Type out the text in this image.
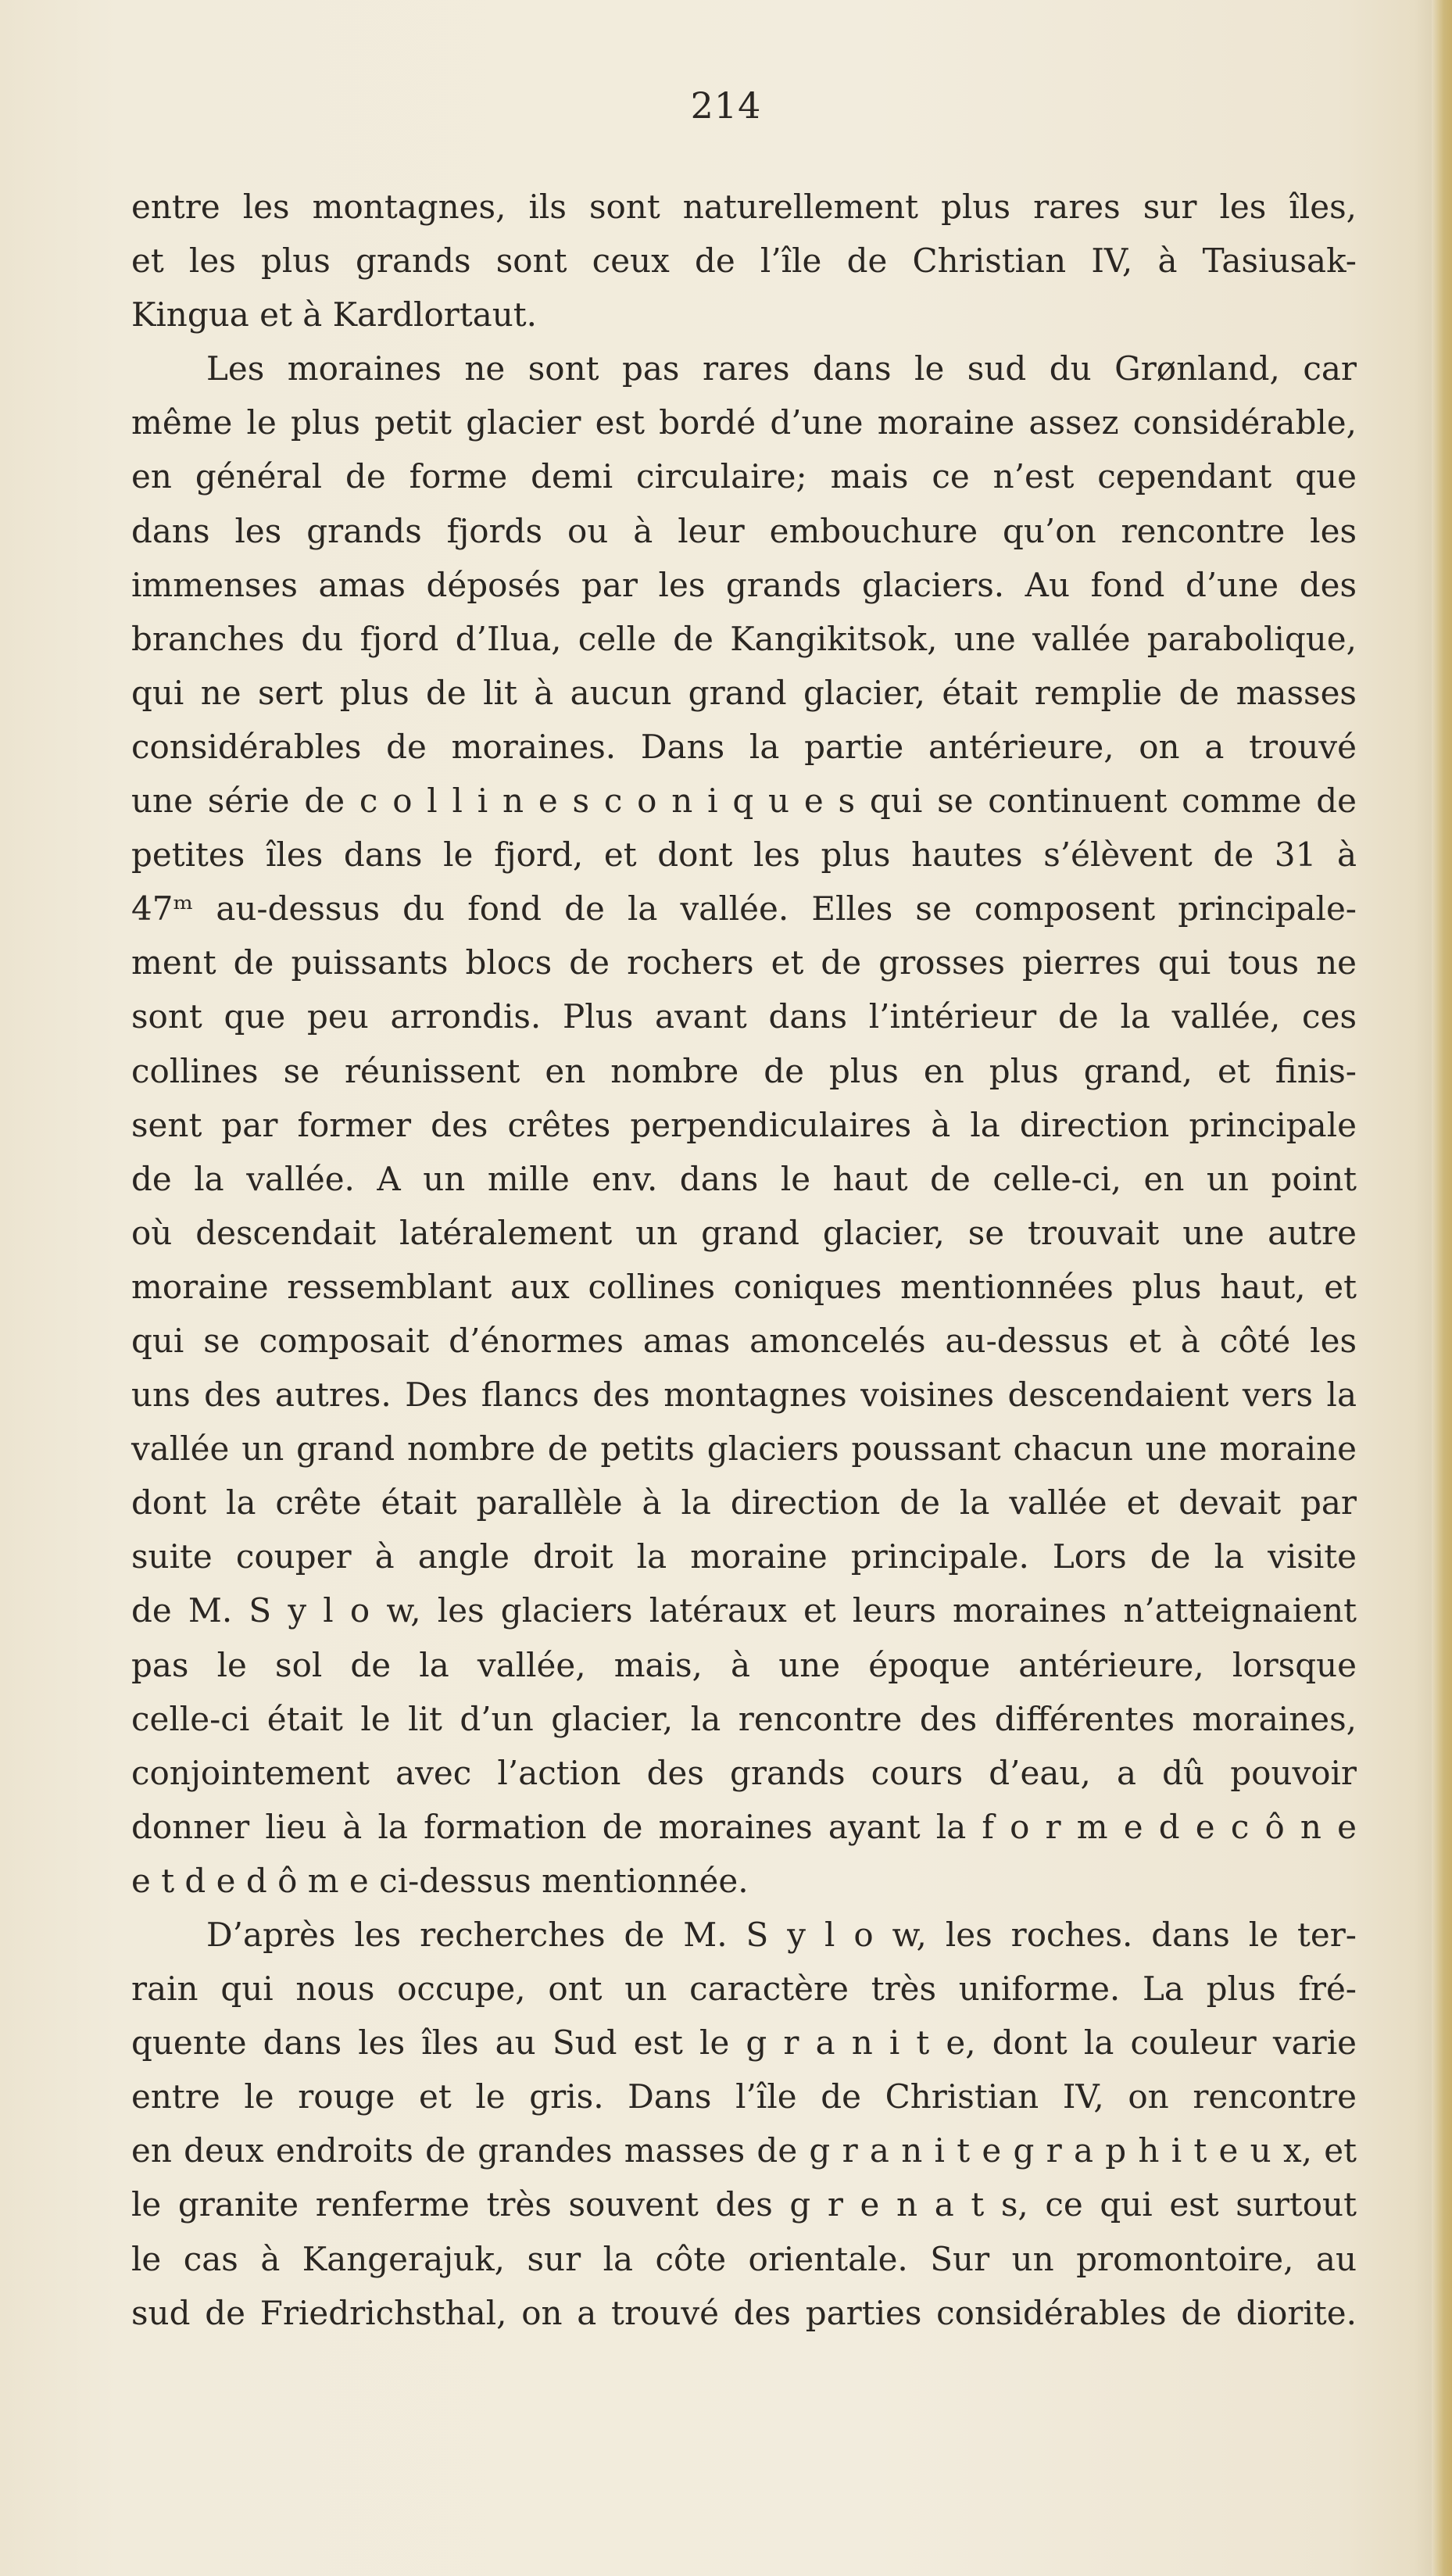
214
entre les montagnes, ils sont naturellement plus rares sur les îles,
et les plus grands sont ceux de l’île de Christian IV, à Tasiusak-
Kingua et à Kardlortaut.
Les moraines ne sont pas rares dans le sud du Grønland, car
même le plus petit glacier est bordé d’une moraine assez considérable,
en général de forme demi circulaire; mais ce n’est cependant que
dans les grands fjords ou à leur embouchure qu’on rencontre les
immenses amas déposés par les grands glaciers. Au fond d’une des
branches du fjord d’Ilua, celle de Kangikitsok, une vallée parabolique,
qui ne sert plus de lit à aucun grand glacier, était remplie de masses
considérables de moraines. Dans la partie antérieure, on a trouvé
une série de c o l l i n e s c o n i q u e s qui se continuent comme de
petites îles dans le fjord, et dont les plus hautes s’élèvent de 31 à
47ᵐ au-dessus du fond de la vallée. Elles se composent principale-
ment de puissants blocs de rochers et de grosses pierres qui tous ne
sont que peu arrondis. Plus avant dans l’intérieur de la vallée, ces
collines se réunissent en nombre de plus en plus grand, et finis-
sent par former des crêtes perpendiculaires à la direction principale
de la vallée. A un mille env. dans le haut de celle-ci, en un point
où descendait latéralement un grand glacier, se trouvait une autre
moraine ressemblant aux collines coniques mentionnées plus haut, et
qui se composait d’énormes amas amoncelés au-dessus et à côté les
uns des autres. Des flancs des montagnes voisines descendaient vers la
vallée un grand nombre de petits glaciers poussant chacun une moraine
dont la crête était parallèle à la direction de la vallée et devait par
suite couper à angle droit la moraine principale. Lors de la visite
de M. S y l o w, les glaciers latéraux et leurs moraines n’atteignaient
pas le sol de la vallée, mais, à une époque antérieure, lorsque
celle-ci était le lit d’un glacier, la rencontre des différentes moraines,
conjointement avec l’action des grands cours d’eau, a dû pouvoir
donner lieu à la formation de moraines ayant la f o r m e d e c ô n e
e t d e d ô m e ci-dessus mentionnée.
D’après les recherches de M. S y l o w, les roches. dans le ter-
rain qui nous occupe, ont un caractère très uniforme. La plus fré-
quente dans les îles au Sud est le g r a n i t e, dont la couleur varie
entre le rouge et le gris. Dans l’île de Christian IV, on rencontre
en deux endroits de grandes masses de g r a n i t e g r a p h i t e u x, et
le granite renferme très souvent des g r e n a t s, ce qui est surtout
le cas à Kangerajuk, sur la côte orientale. Sur un promontoire, au
sud de Friedrichsthal, on a trouvé des parties considérables de diorite.
